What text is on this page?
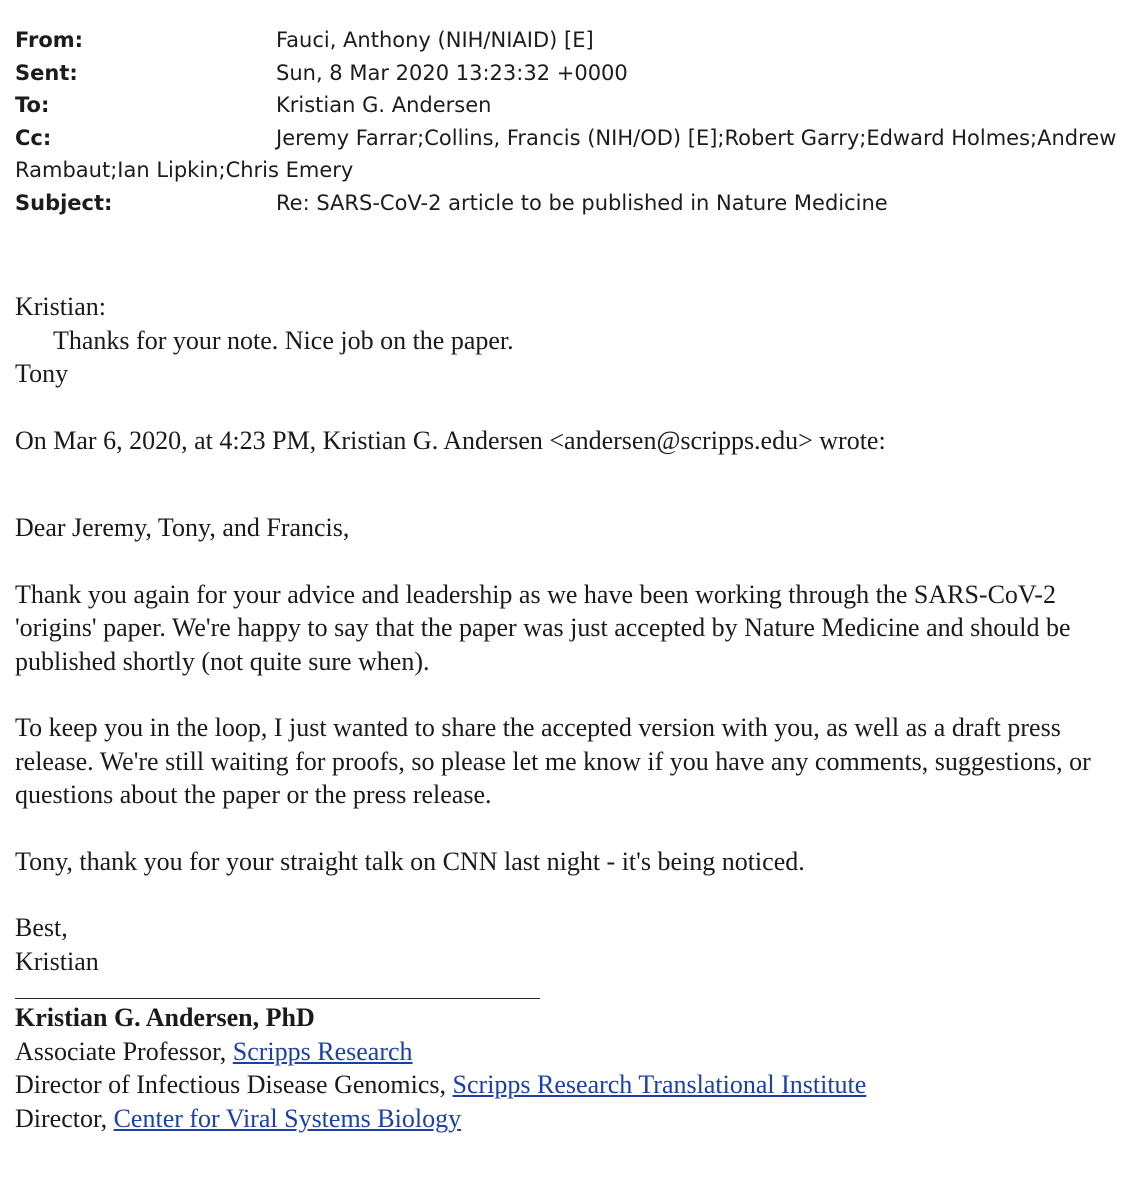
From:	Fauci, Anthony (NIH/NIAID) [E]
Sent:	Sun, 8 Mar 2020 13:23:32 +0000
To:	Kristian G. Andersen
Cc:	Jeremy Farrar;Collins, Francis (NIH/OD) [E];Robert Garry;Edward Holmes;Andrew Rambaut;Ian Lipkin;Chris Emery
Subject:	Re: SARS-CoV-2 article to be published in Nature Medicine
Kristian:
Thanks for your note. Nice job on the paper.
Tony
On Mar 6, 2020, at 4:23 PM, Kristian G. Andersen <andersen@scripps.edu> wrote:
Dear Jeremy, Tony, and Francis,
Thank you again for your advice and leadership as we have been working through the SARS-CoV-2 'origins' paper. We're happy to say that the paper was just accepted by Nature Medicine and should be published shortly (not quite sure when).
To keep you in the loop, I just wanted to share the accepted version with you, as well as a draft press release. We're still waiting for proofs, so please let me know if you have any comments, suggestions, or questions about the paper or the press release.
Tony, thank you for your straight talk on CNN last night - it's being noticed.
Best,
Kristian
Kristian G. Andersen, PhD
Associate Professor, Scripps Research
Director of Infectious Disease Genomics, Scripps Research Translational Institute
Director, Center for Viral Systems Biology
